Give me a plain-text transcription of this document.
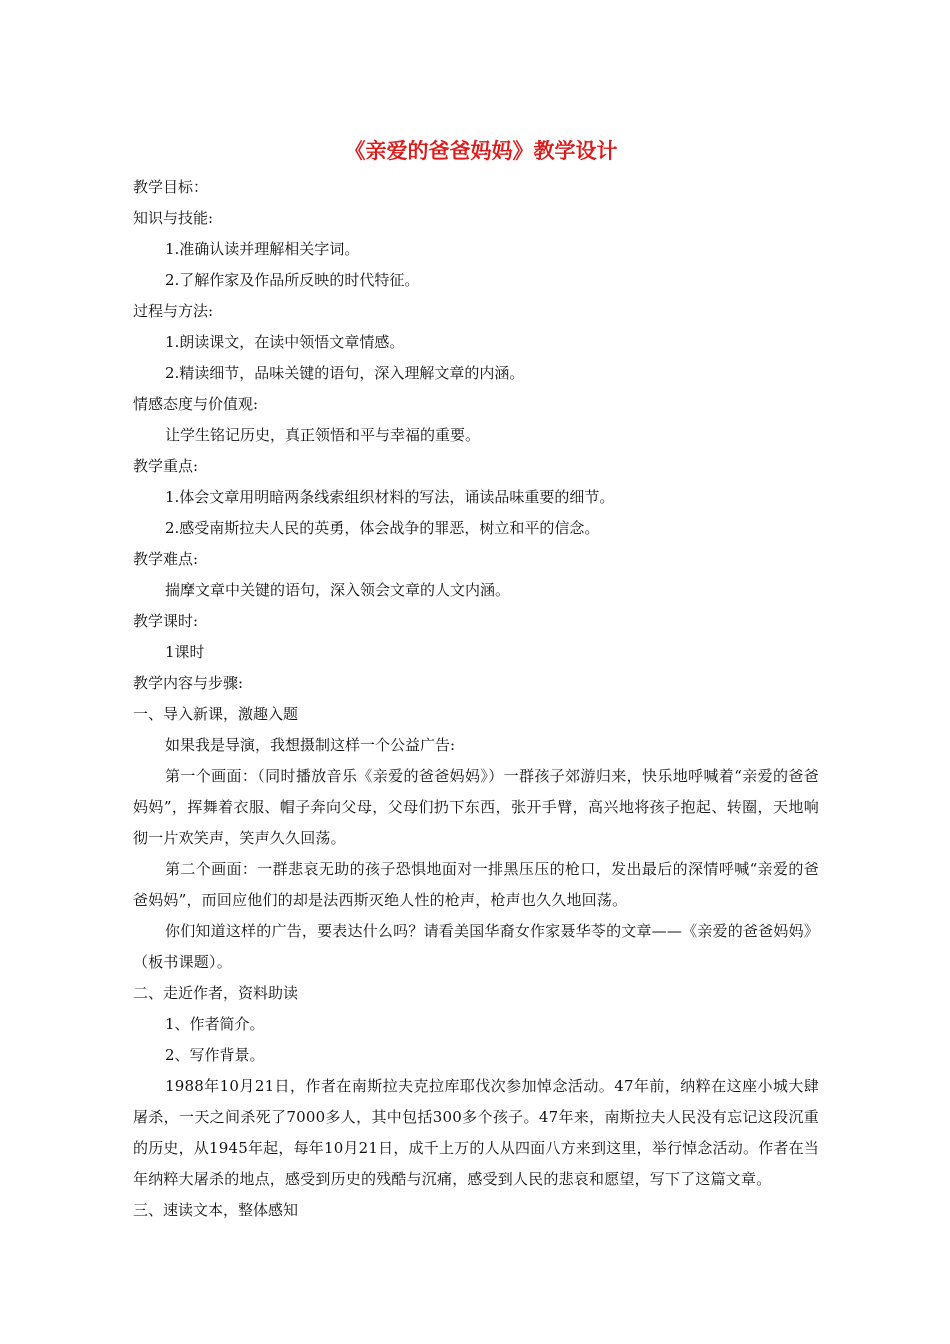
《亲爱的爸爸妈妈》教学设计

教学目标：

知识与技能:

1.准确认读并理解相关字词。

2.了解作家及作品所反映的时代特征。

过程与方法:

1.朗读课文，在读中领悟文章情感。

2.精读细节，品味关键的语句，深入理解文章的内涵。

情感态度与价值观:

让学生铭记历史，真正领悟和平与幸福的重要。

教学重点:

1.体会文章用明暗两条线索组织材料的写法，诵读品味重要的细节。

2.感受南斯拉夫人民的英勇，体会战争的罪恶，树立和平的信念。

教学难点:

揣摩文章中关键的语句，深入领会文章的人文内涵。

教学课时:

1课时

教学内容与步骤:

一、导入新课，激趣入题

如果我是导演，我想摄制这样一个公益广告:

第一个画面：（同时播放音乐《亲爱的爸爸妈妈》）一群孩子郊游归来，快乐地呼喊着“亲爱的爸爸妈妈”，挥舞着衣服、帽子奔向父母，父母们扔下东西，张开手臂，高兴地将孩子抱起、转圈，天地响彻一片欢笑声，笑声久久回荡。

第二个画面：一群悲哀无助的孩子恐惧地面对一排黑压压的枪口，发出最后的深情呼喊“亲爱的爸爸妈妈”，而回应他们的却是法西斯灭绝人性的枪声，枪声也久久地回荡。

你们知道这样的广告，要表达什么吗？请看美国华裔女作家聂华苓的文章——《亲爱的爸爸妈妈》（板书课题）。

二、走近作者，资料助读

1、作者简介。

2、写作背景。

1988年10月21日，作者在南斯拉夫克拉库耶伐次参加悼念活动。47年前，纳粹在这座小城大肆屠杀，一天之间杀死了7000多人，其中包括300多个孩子。47年来，南斯拉夫人民没有忘记这段沉重的历史，从1945年起，每年10月21日，成千上万的人从四面八方来到这里，举行悼念活动。作者在当年纳粹大屠杀的地点，感受到历史的残酷与沉痛，感受到人民的悲哀和愿望，写下了这篇文章。

三、速读文本，整体感知
